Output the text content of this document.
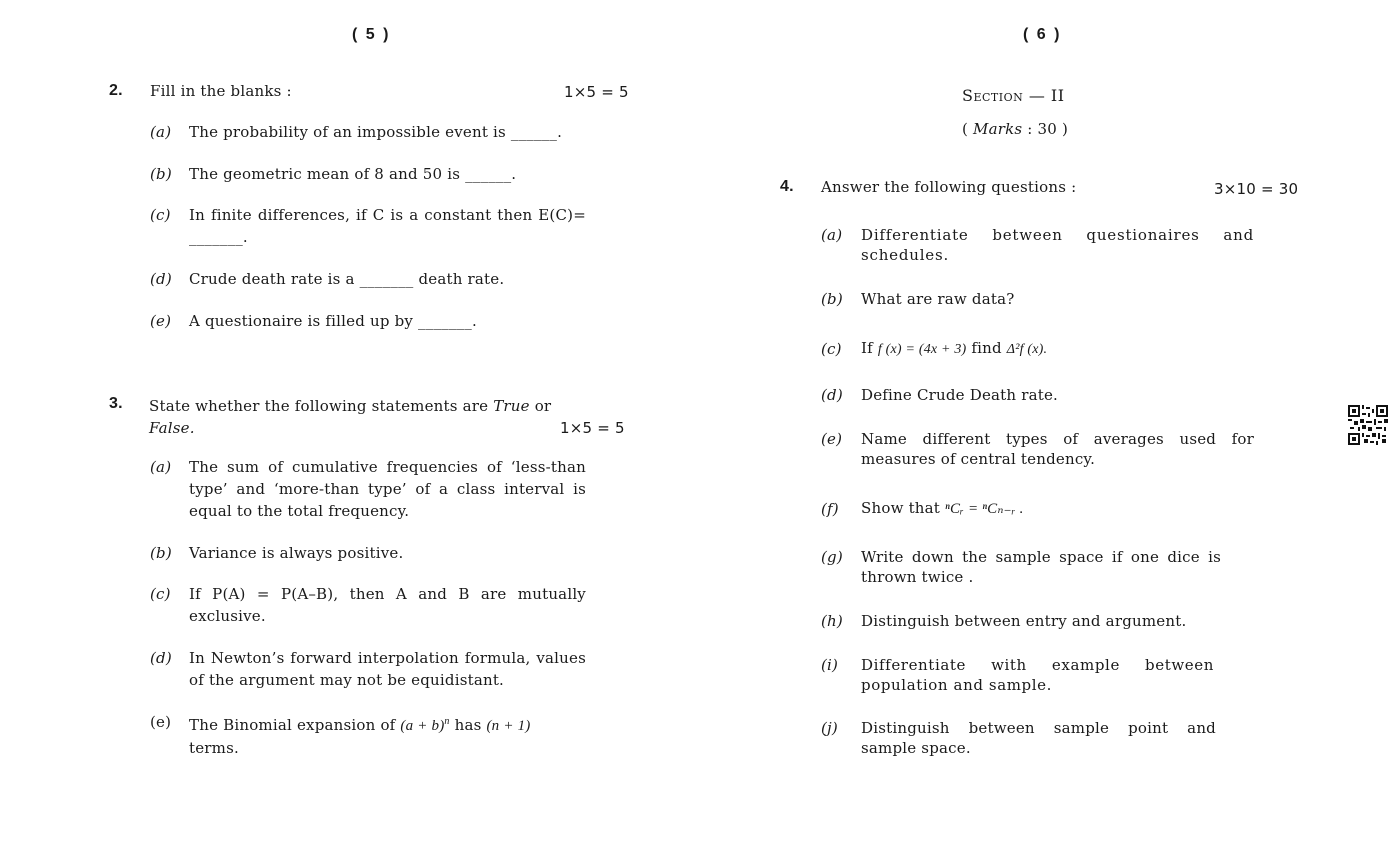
( 5 )
2. Fill in the blanks :	1×5 = 5
(a) The probability of an impossible event is ______.
(b) The geometric mean of 8 and 50 is ______.
(c) In finite differences, if C is a constant then E(C)= _______.
(d) Crude death rate is a _______ death rate.
(e) A questionaire is filled up by _______.
3. State whether the following statements are True or
False.	1×5 = 5
(a) The sum of cumulative frequencies of ‘less-than type’ and ‘more-than type’ of a class interval is equal to the total frequency.
(b) Variance is always positive.
(c) If P(A) = P(A–B), then A and B are mutually exclusive.
(d) In Newton’s forward interpolation formula, values of the argument may not be equidistant.
(e) The Binomial expansion of $(a + b)^n$ has (n + 1)
terms.
( 6 )
Section — II
( Marks : 30 )
4. Answer the following questions :	3×10 = 30
(a) Differentiate between questionaires and schedules.
(b) What are raw data?
(c) If f (x) = (4x + 3) find Δ²f (x).
(d) Define Crude Death rate.
(e) Name different types of averages used for measures of central tendency.
(f) Show that ⁿCᵣ = ⁿCₙ₋ᵣ .
(g) Write down the sample space if one dice is thrown twice .
(h) Distinguish between entry and argument.
(i) Differentiate with example between population and sample.
(j) Distinguish between sample point and sample space.
